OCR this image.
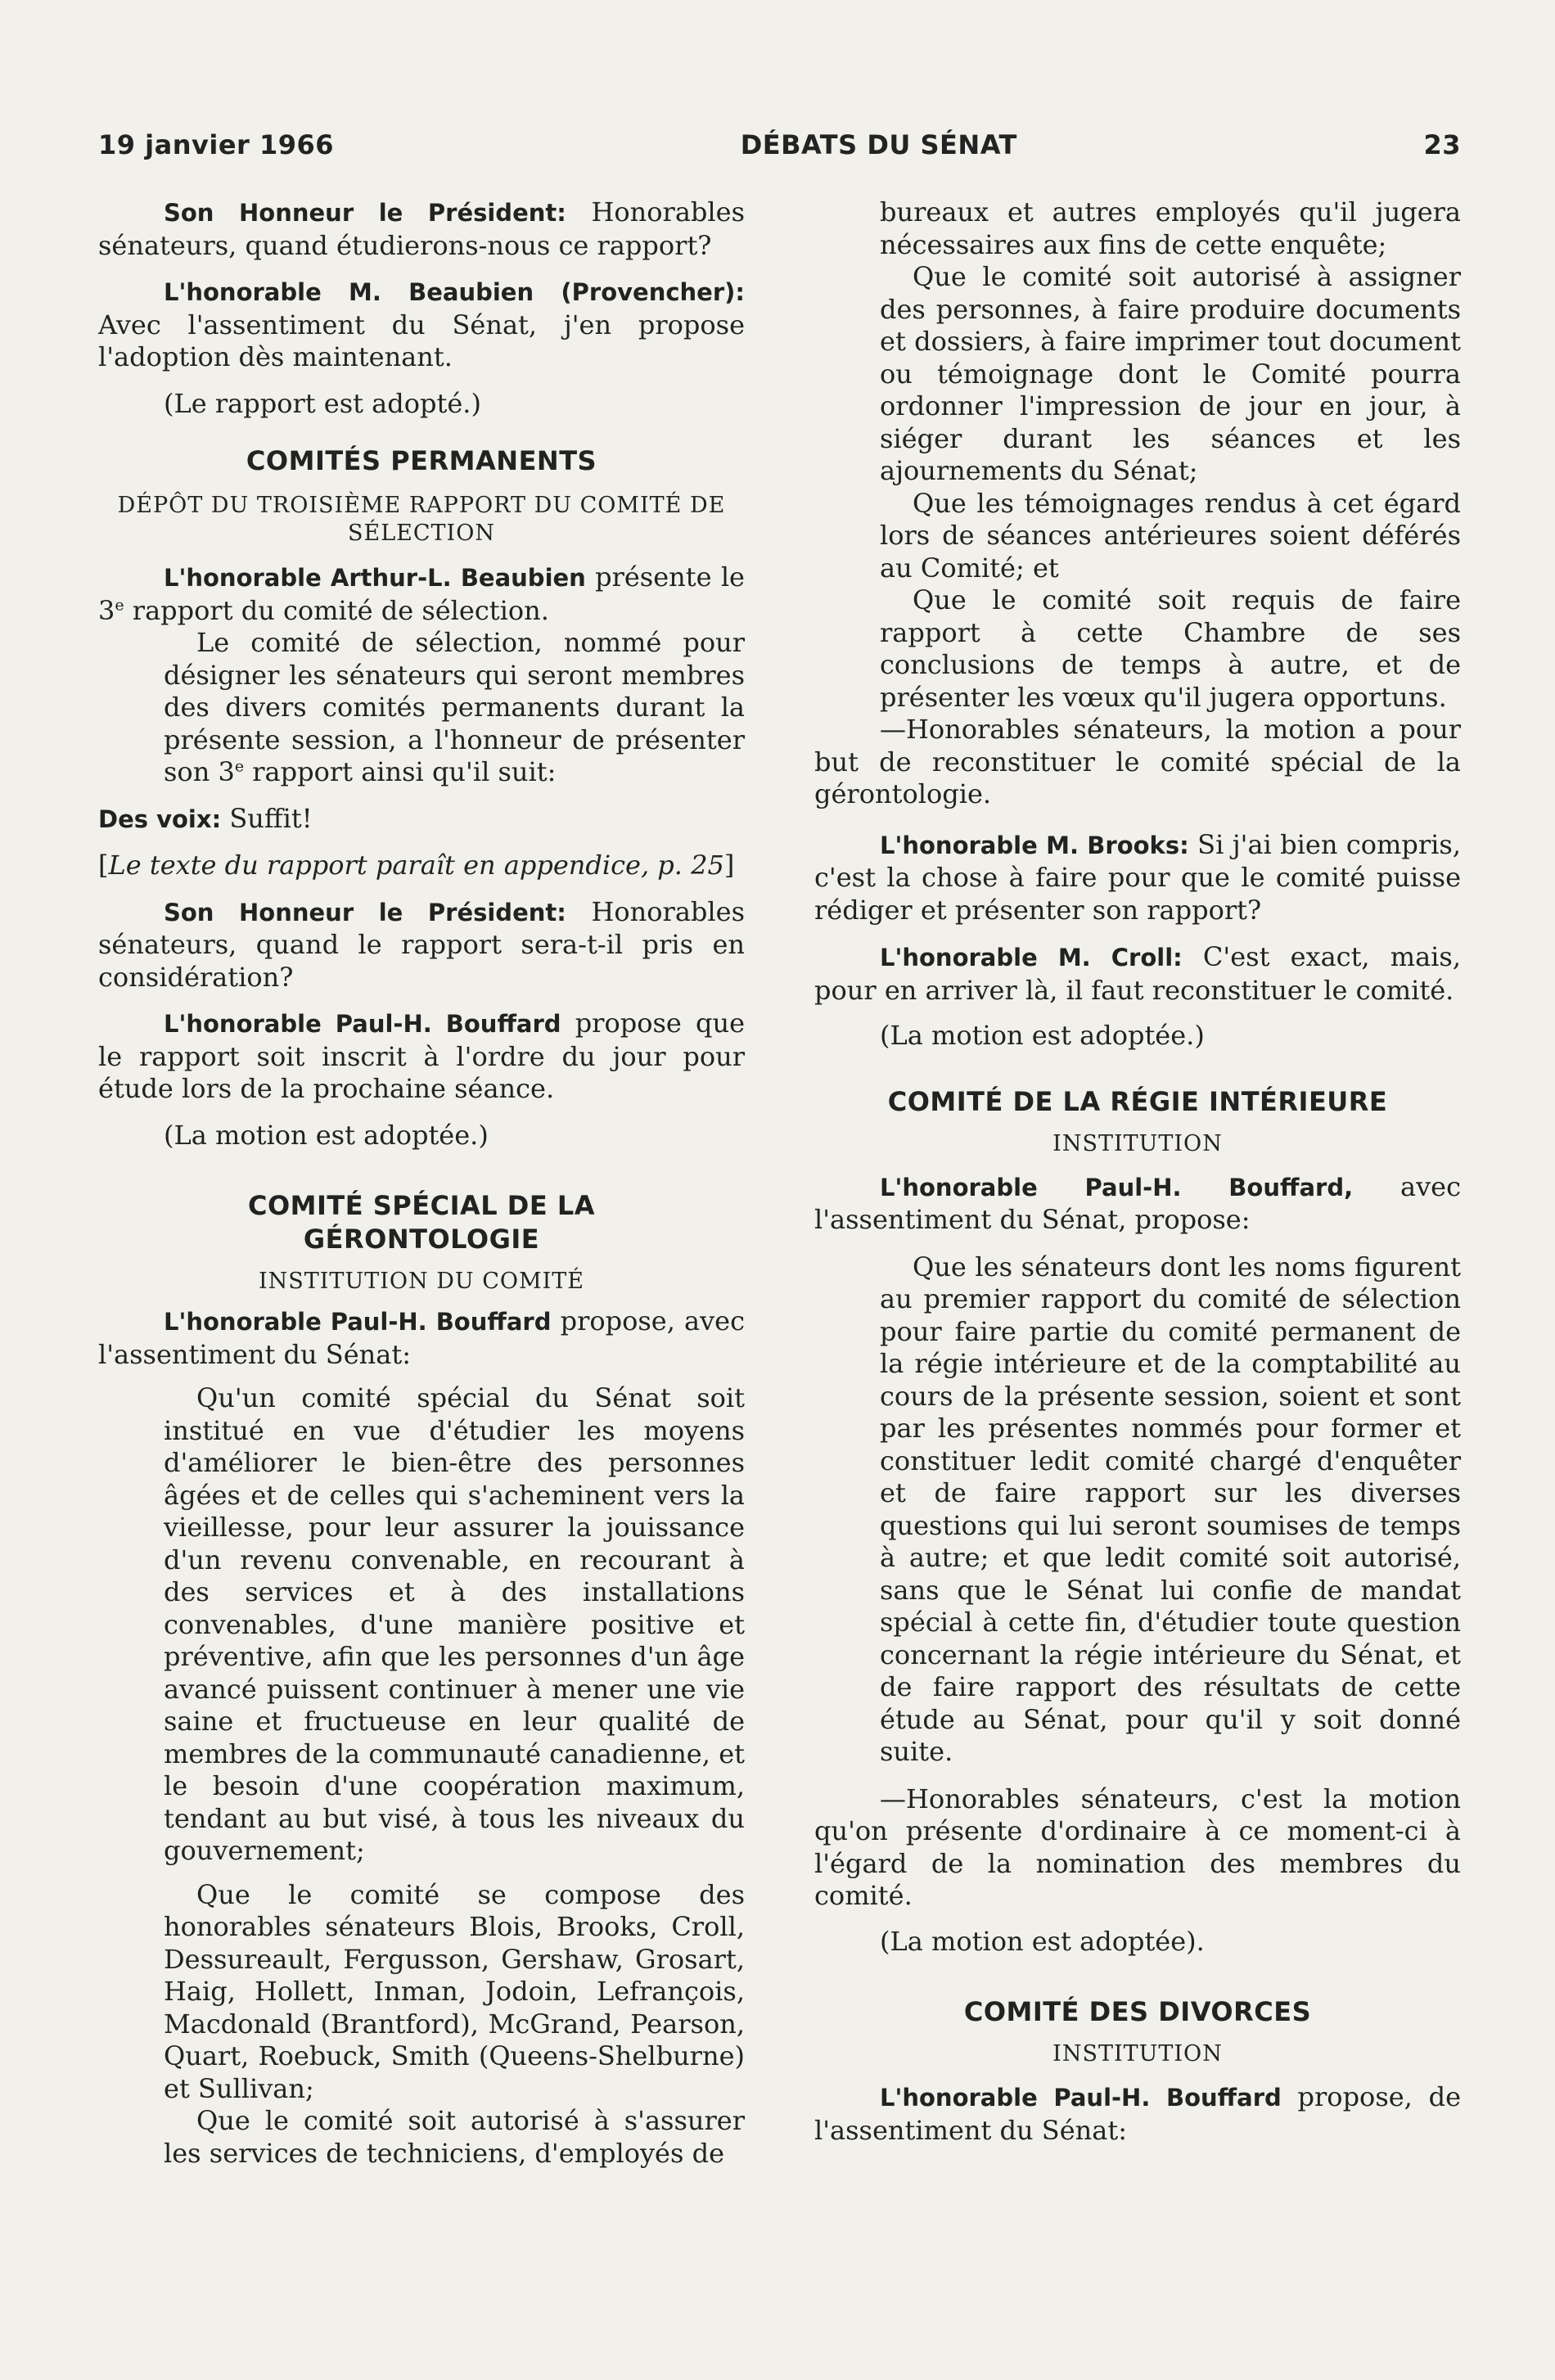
19 janvier 1966	DÉBATS DU SÉNAT	23

Son Honneur le Président: Honorables sénateurs, quand étudierons-nous ce rapport?

L'honorable M. Beaubien (Provencher): Avec l'assentiment du Sénat, j'en propose l'adoption dès maintenant.

(Le rapport est adopté.)

COMITÉS PERMANENTS

DÉPÔT DU TROISIÈME RAPPORT DU COMITÉ DE SÉLECTION

L'honorable Arthur-L. Beaubien présente le 3e rapport du comité de sélection.

Le comité de sélection, nommé pour désigner les sénateurs qui seront membres des divers comités permanents durant la présente session, a l'honneur de présenter son 3e rapport ainsi qu'il suit:

Des voix: Suffit!

[Le texte du rapport paraît en appendice, p. 25]

Son Honneur le Président: Honorables sénateurs, quand le rapport sera-t-il pris en considération?

L'honorable Paul-H. Bouffard propose que le rapport soit inscrit à l'ordre du jour pour étude lors de la prochaine séance.

(La motion est adoptée.)

COMITÉ SPÉCIAL DE LA
GÉRONTOLOGIE

INSTITUTION DU COMITÉ

L'honorable Paul-H. Bouffard propose, avec l'assentiment du Sénat:

Qu'un comité spécial du Sénat soit institué en vue d'étudier les moyens d'améliorer le bien-être des personnes âgées et de celles qui s'acheminent vers la vieillesse, pour leur assurer la jouissance d'un revenu convenable, en recourant à des services et à des installations convenables, d'une manière positive et préventive, afin que les personnes d'un âge avancé puissent continuer à mener une vie saine et fructueuse en leur qualité de membres de la communauté canadienne, et le besoin d'une coopération maximum, tendant au but visé, à tous les niveaux du gouvernement;

Que le comité se compose des honorables sénateurs Blois, Brooks, Croll, Dessureault, Fergusson, Gershaw, Grosart, Haig, Hollett, Inman, Jodoin, Lefrançois, Macdonald (Brantford), McGrand, Pearson, Quart, Roebuck, Smith (Queens-Shelburne) et Sullivan;

Que le comité soit autorisé à s'assurer les services de techniciens, d'employés de

bureaux et autres employés qu'il jugera nécessaires aux fins de cette enquête;

Que le comité soit autorisé à assigner des personnes, à faire produire documents et dossiers, à faire imprimer tout document ou témoignage dont le Comité pourra ordonner l'impression de jour en jour, à siéger durant les séances et les ajournements du Sénat;

Que les témoignages rendus à cet égard lors de séances antérieures soient déférés au Comité; et

Que le comité soit requis de faire rapport à cette Chambre de ses conclusions de temps à autre, et de présenter les vœux qu'il jugera opportuns.

—Honorables sénateurs, la motion a pour but de reconstituer le comité spécial de la gérontologie.

L'honorable M. Brooks: Si j'ai bien compris, c'est la chose à faire pour que le comité puisse rédiger et présenter son rapport?

L'honorable M. Croll: C'est exact, mais, pour en arriver là, il faut reconstituer le comité.

(La motion est adoptée.)

COMITÉ DE LA RÉGIE INTÉRIEURE

INSTITUTION

L'honorable Paul-H. Bouffard, avec l'assentiment du Sénat, propose:

Que les sénateurs dont les noms figurent au premier rapport du comité de sélection pour faire partie du comité permanent de la régie intérieure et de la comptabilité au cours de la présente session, soient et sont par les présentes nommés pour former et constituer ledit comité chargé d'enquêter et de faire rapport sur les diverses questions qui lui seront soumises de temps à autre; et que ledit comité soit autorisé, sans que le Sénat lui confie de mandat spécial à cette fin, d'étudier toute question concernant la régie intérieure du Sénat, et de faire rapport des résultats de cette étude au Sénat, pour qu'il y soit donné suite.

—Honorables sénateurs, c'est la motion qu'on présente d'ordinaire à ce moment-ci à l'égard de la nomination des membres du comité.

(La motion est adoptée).

COMITÉ DES DIVORCES

INSTITUTION

L'honorable Paul-H. Bouffard propose, de l'assentiment du Sénat:
